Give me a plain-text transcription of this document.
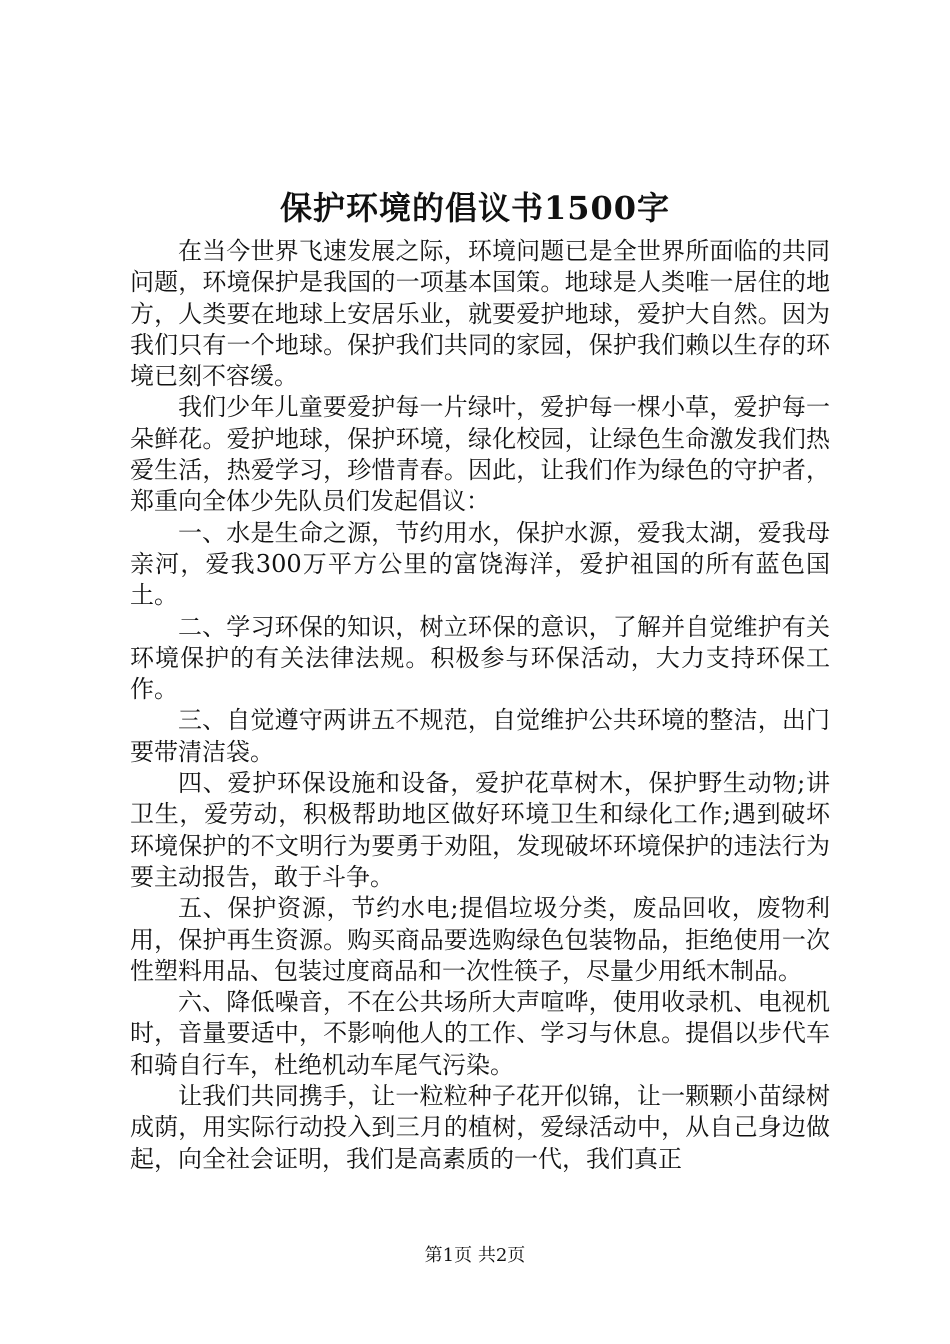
保护环境的倡议书1500字

在当今世界飞速发展之际，环境问题已是全世界所面临的共同问题，环境保护是我国的一项基本国策。地球是人类唯一居住的地方，人类要在地球上安居乐业，就要爱护地球，爱护大自然。因为我们只有一个地球。保护我们共同的家园，保护我们赖以生存的环境已刻不容缓。

我们少年儿童要爱护每一片绿叶，爱护每一棵小草，爱护每一朵鲜花。爱护地球，保护环境，绿化校园，让绿色生命激发我们热爱生活，热爱学习，珍惜青春。因此，让我们作为绿色的守护者，郑重向全体少先队员们发起倡议：

一、水是生命之源，节约用水，保护水源，爱我太湖，爱我母亲河，爱我300万平方公里的富饶海洋，爱护祖国的所有蓝色国土。

二、学习环保的知识，树立环保的意识，了解并自觉维护有关环境保护的有关法律法规。积极参与环保活动，大力支持环保工作。

三、自觉遵守两讲五不规范，自觉维护公共环境的整洁，出门要带清洁袋。

四、爱护环保设施和设备，爱护花草树木，保护野生动物;讲卫生，爱劳动，积极帮助地区做好环境卫生和绿化工作;遇到破坏环境保护的不文明行为要勇于劝阻，发现破坏环境保护的违法行为要主动报告，敢于斗争。

五、保护资源，节约水电;提倡垃圾分类，废品回收，废物利用，保护再生资源。购买商品要选购绿色包装物品，拒绝使用一次性塑料用品、包装过度商品和一次性筷子，尽量少用纸木制品。

六、降低噪音，不在公共场所大声喧哗，使用收录机、电视机时，音量要适中，不影响他人的工作、学习与休息。提倡以步代车和骑自行车，杜绝机动车尾气污染。

让我们共同携手，让一粒粒种子花开似锦，让一颗颗小苗绿树成荫，用实际行动投入到三月的植树，爱绿活动中，从自己身边做起，向全社会证明，我们是高素质的一代，我们真正

第1页 共2页
